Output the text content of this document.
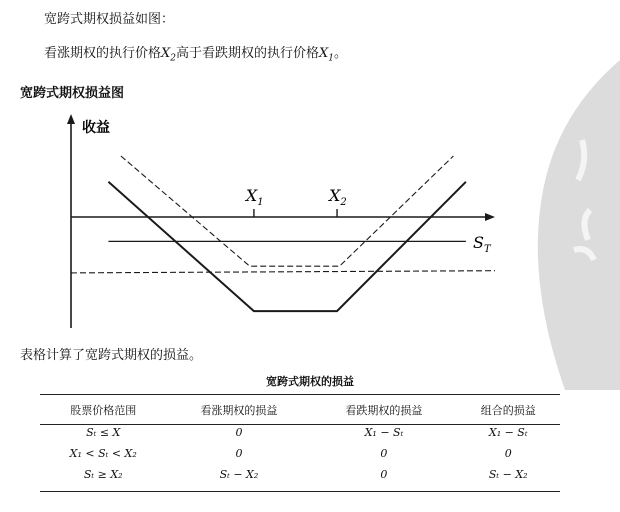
宽跨式期权损益如图：
看涨期权的执行价格$X_2$高于看跌期权的执行价格$X_1$。
宽跨式期权损益图
收益
$S_T$
$X_1$	$X_2$
表格计算了宽跨式期权的损益。
宽跨式期权的损益
股票价格范围	看涨期权的损益	看跌期权的损益	组合的损益
Sₜ ≤ X	0	X₁ − Sₜ	X₁ − Sₜ
X₁ < Sₜ < X₂	0	0	0
Sₜ ≥ X₂	Sₜ − X₂	0	Sₜ − X₂
